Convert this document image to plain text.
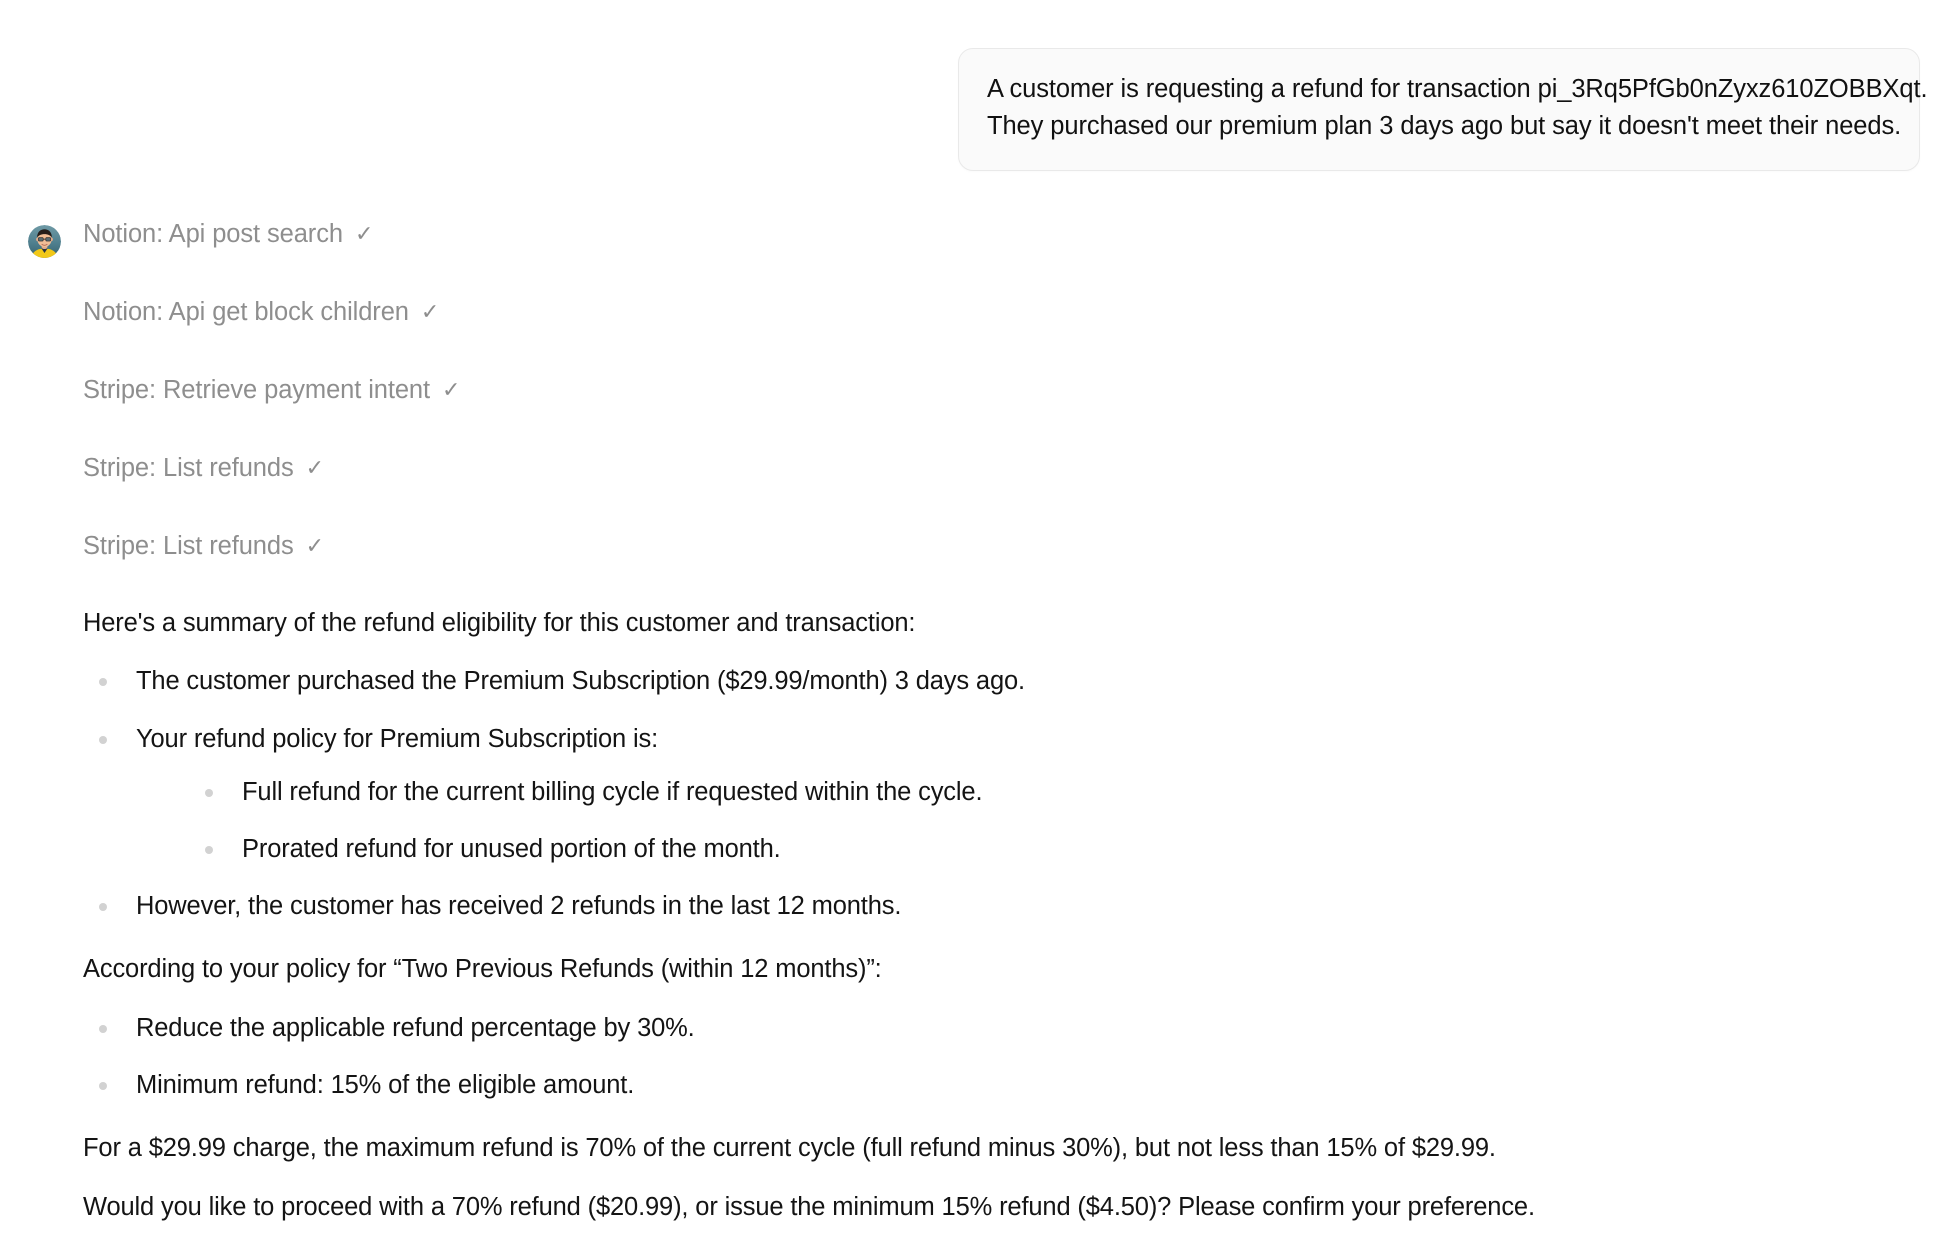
A customer is requesting a refund for transaction pi_3Rq5PfGb0nZyxz610ZOBBXqt.

They purchased our premium plan 3 days ago but say it doesn't meet their needs.

Notion: Api post search ✓
Notion: Api get block children ✓
Stripe: Retrieve payment intent ✓
Stripe: List refunds ✓
Stripe: List refunds ✓

Here's a summary of the refund eligibility for this customer and transaction:

The customer purchased the Premium Subscription ($29.99/month) 3 days ago.
Your refund policy for Premium Subscription is:
Full refund for the current billing cycle if requested within the cycle.
Prorated refund for unused portion of the month.
However, the customer has received 2 refunds in the last 12 months.

According to your policy for “Two Previous Refunds (within 12 months)”:

Reduce the applicable refund percentage by 30%.
Minimum refund: 15% of the eligible amount.

For a $29.99 charge, the maximum refund is 70% of the current cycle (full refund minus 30%), but not less than 15% of $29.99.

Would you like to proceed with a 70% refund ($20.99), or issue the minimum 15% refund ($4.50)? Please confirm your preference.
